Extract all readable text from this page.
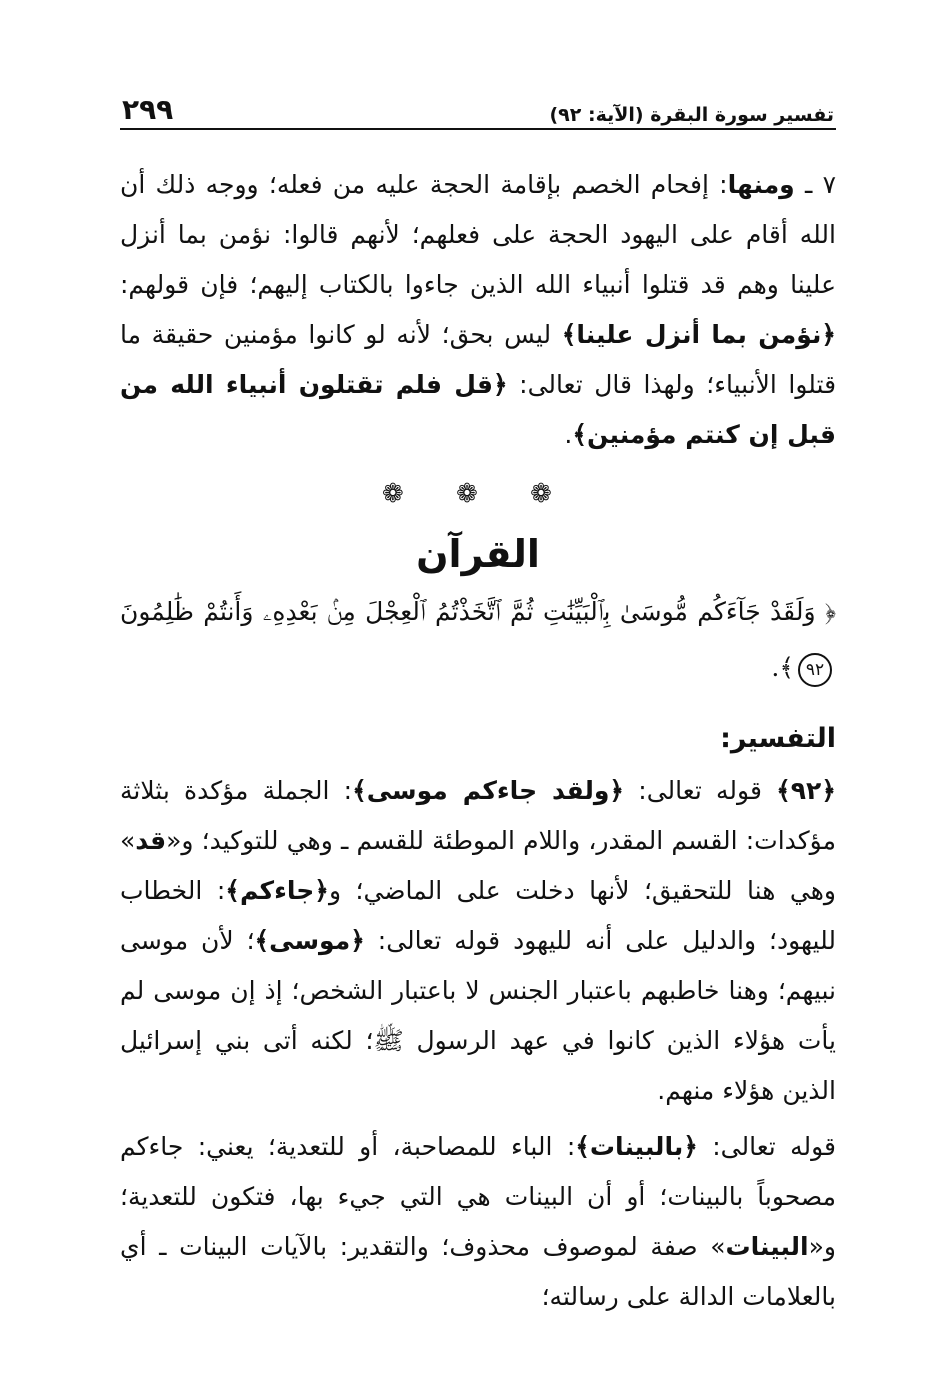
تفسير سورة البقرة (الآية: ٩٢)
٢٩٩

٧ ـ ومنها: إفحام الخصم بإقامة الحجة عليه من فعله؛ ووجه ذلك أن الله أقام على اليهود الحجة على فعلهم؛ لأنهم قالوا: نؤمن بما أنزل علينا وهم قد قتلوا أنبياء الله الذين جاءوا بالكتاب إليهم؛ فإن قولهم: ﴿نؤمن بما أنزل علينا﴾ ليس بحق؛ لأنه لو كانوا مؤمنين حقيقة ما قتلوا الأنبياء؛ ولهذا قال تعالى: ﴿قل فلم تقتلون أنبياء الله من قبل إن كنتم مؤمنين﴾.

❁ ❁ ❁
القرآن
﴿ وَلَقَدْ جَآءَكُم مُّوسَىٰ بِٱلْبَيِّنَٰتِ ثُمَّ ٱتَّخَذْتُمُ ٱلْعِجْلَ مِنۢ بَعْدِهِۦ وَأَنتُمْ ظَٰلِمُونَ ٩٢﴾.
التفسير:

﴿٩٢﴾ قوله تعالى: ﴿ولقد جاءكم موسى﴾: الجملة مؤكدة بثلاثة مؤكدات: القسم المقدر، واللام الموطئة للقسم ـ وهي للتوكيد؛ و«قد» وهي هنا للتحقيق؛ لأنها دخلت على الماضي؛ و﴿جاءكم﴾: الخطاب لليهود؛ والدليل على أنه لليهود قوله تعالى: ﴿موسى﴾؛ لأن موسى نبيهم؛ وهنا خاطبهم باعتبار الجنس لا باعتبار الشخص؛ إذ إن موسى لم يأت هؤلاء الذين كانوا في عهد الرسول ﷺ؛ لكنه أتى بني إسرائيل الذين هؤلاء منهم.

قوله تعالى: ﴿بالبينات﴾: الباء للمصاحبة، أو للتعدية؛ يعني: جاءكم مصحوباً بالبينات؛ أو أن البينات هي التي جيء بها، فتكون للتعدية؛ و«البينات» صفة لموصوف محذوف؛ والتقدير: بالآيات البينات ـ أي بالعلامات الدالة على رسالته؛
